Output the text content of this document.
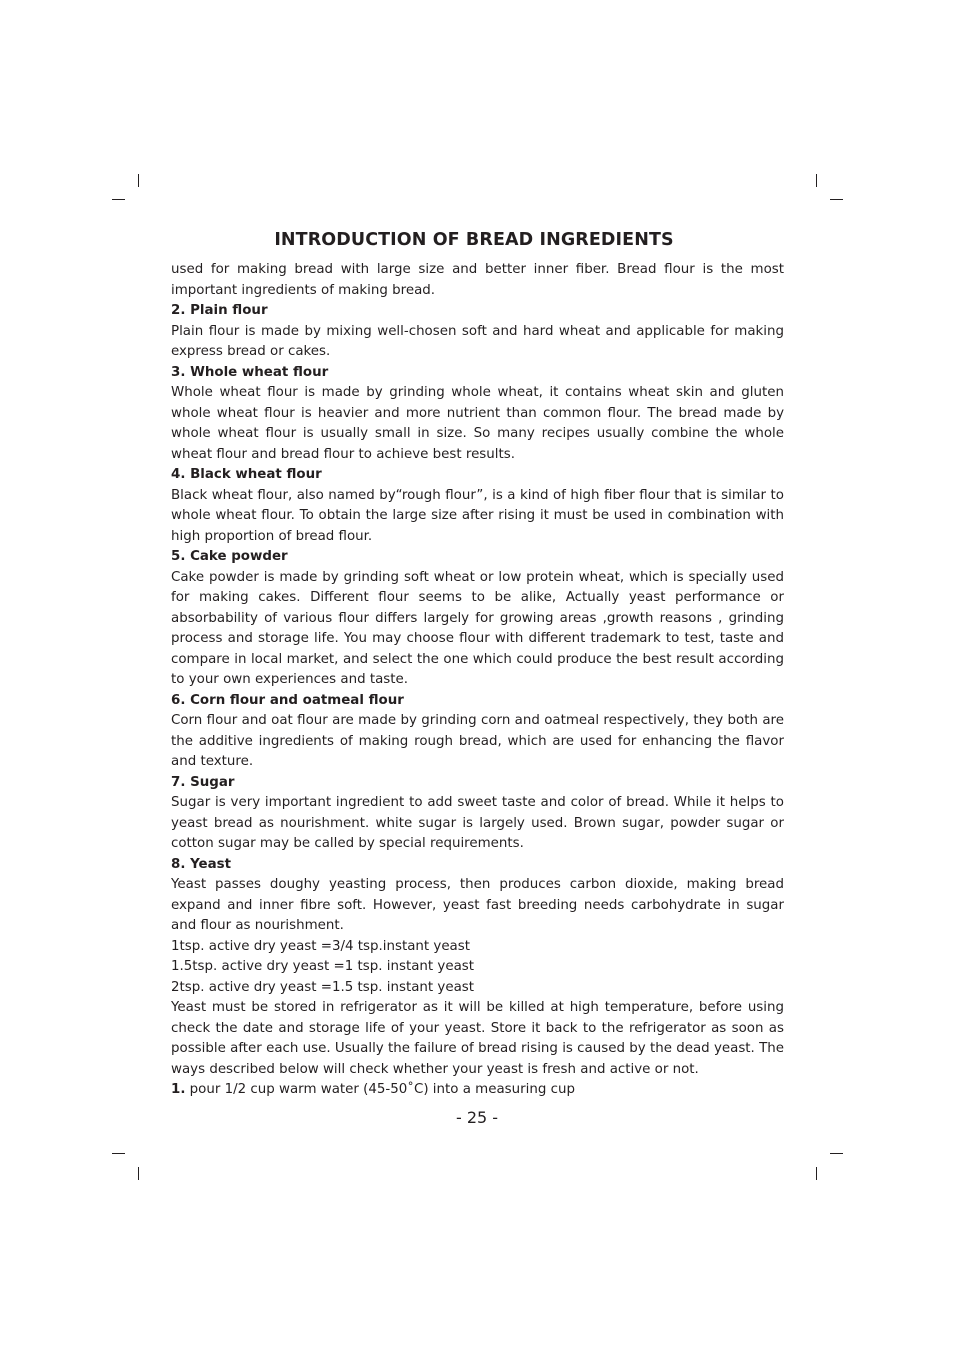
INTRODUCTION OF BREAD INGREDIENTS

used for making bread with large size and better inner fiber. Bread flour is the most

important ingredients of making bread.

2. Plain flour

Plain flour is made by mixing well-chosen soft and hard wheat and applicable for making express bread or cakes.

3. Whole wheat flour

Whole wheat flour is made by grinding whole wheat, it contains wheat skin and gluten whole wheat flour is heavier and more nutrient than common flour. The bread made by whole wheat flour is usually small in size. So many recipes usually combine the whole wheat flour and bread flour to achieve best results.

4. Black wheat flour

Black wheat flour, also named by“rough flour”, is a kind of high fiber flour that is similar to whole wheat flour. To obtain the large size after rising it must be used in combination with high proportion of bread flour.

5. Cake powder

Cake powder is made by grinding soft wheat or low protein wheat, which is specially used for making cakes. Different flour seems to be alike, Actually yeast performance or absorbability of various flour differs largely for growing areas ,growth reasons , grinding process and storage life. You may choose flour with different trademark to test, taste and compare in local market, and select the one which could produce the best result according to your own experiences and taste.

6. Corn flour and oatmeal flour

Corn flour and oat flour are made by grinding corn and oatmeal respectively, they both are the additive ingredients of making rough bread, which are used for enhancing the flavor and texture.

7. Sugar

Sugar is very important ingredient to add sweet taste and color of bread. While it helps to yeast bread as nourishment. white sugar is largely used. Brown sugar, powder sugar or cotton sugar may be called by special requirements.

8. Yeast

Yeast passes doughy yeasting process, then produces carbon dioxide, making bread expand and inner fibre soft. However, yeast fast breeding needs carbohydrate in sugar and flour as nourishment.

1tsp. active dry yeast =3/4 tsp.instant yeast

1.5tsp. active dry yeast =1 tsp. instant yeast

2tsp. active dry yeast =1.5 tsp. instant yeast

Yeast must be stored in refrigerator as it will be killed at high temperature, before using check the date and storage life of your yeast. Store it back to the refrigerator as soon as possible after each use. Usually the failure of bread rising is caused by the dead yeast. The ways described below will check whether your yeast is fresh and active or not.

1. pour 1/2 cup warm water (45-50˚C) into a measuring cup

- 25 -
